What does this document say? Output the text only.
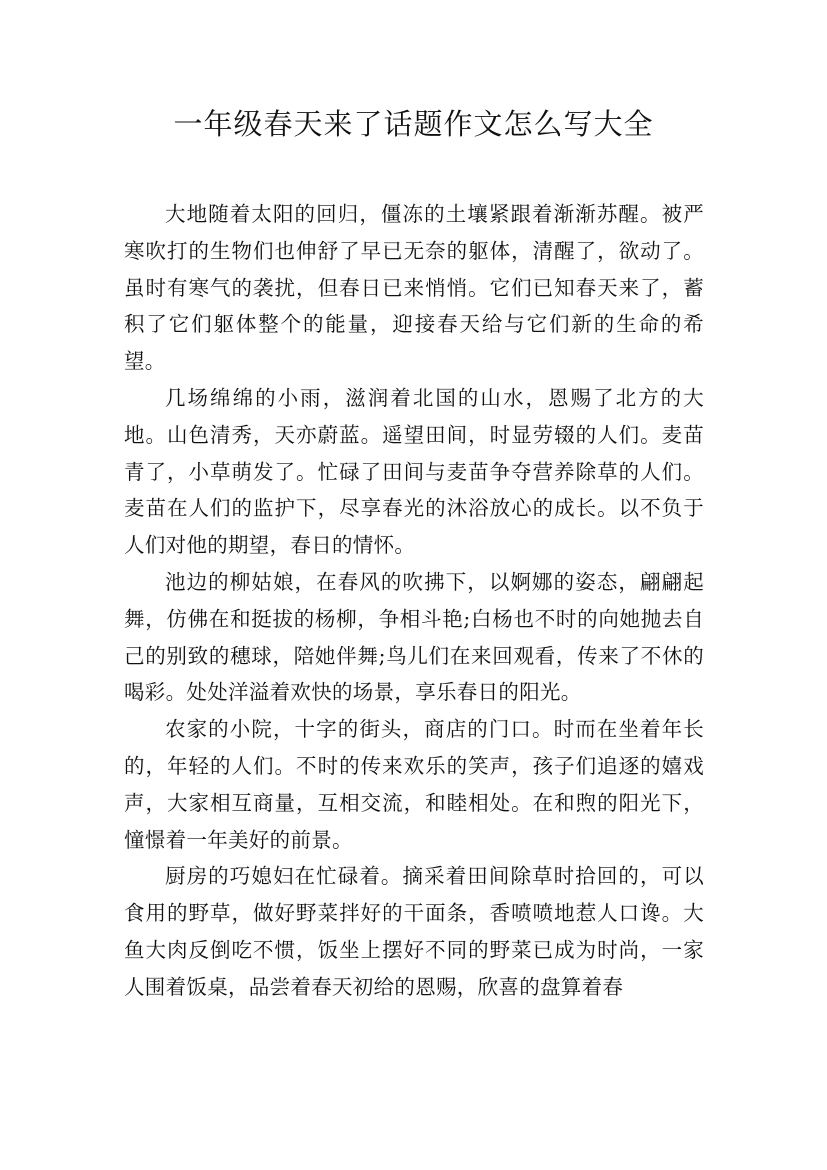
一年级春天来了话题作文怎么写大全

大地随着太阳的回归，僵冻的土壤紧跟着渐渐苏醒。被严寒吹打的生物们也伸舒了早已无奈的躯体，清醒了，欲动了。虽时有寒气的袭扰，但春日已来悄悄。它们已知春天来了，蓄积了它们躯体整个的能量，迎接春天给与它们新的生命的希望。

几场绵绵的小雨，滋润着北国的山水，恩赐了北方的大地。山色清秀，天亦蔚蓝。遥望田间，时显劳辍的人们。麦苗青了，小草萌发了。忙碌了田间与麦苗争夺营养除草的人们。麦苗在人们的监护下，尽享春光的沐浴放心的成长。以不负于人们对他的期望，春日的情怀。

池边的柳姑娘，在春风的吹拂下，以婀娜的姿态，翩翩起舞，仿佛在和挺拔的杨柳，争相斗艳;白杨也不时的向她抛去自己的别致的穗球，陪她伴舞;鸟儿们在来回观看，传来了不休的喝彩。处处洋溢着欢快的场景，享乐春日的阳光。

农家的小院，十字的街头，商店的门口。时而在坐着年长的，年轻的人们。不时的传来欢乐的笑声，孩子们追逐的嬉戏声，大家相互商量，互相交流，和睦相处。在和煦的阳光下，憧憬着一年美好的前景。

厨房的巧媳妇在忙碌着。摘采着田间除草时拾回的，可以食用的野草，做好野菜拌好的干面条，香喷喷地惹人口谗。大鱼大肉反倒吃不惯，饭坐上摆好不同的野菜已成为时尚，一家人围着饭桌，品尝着春天初给的恩赐，欣喜的盘算着春
